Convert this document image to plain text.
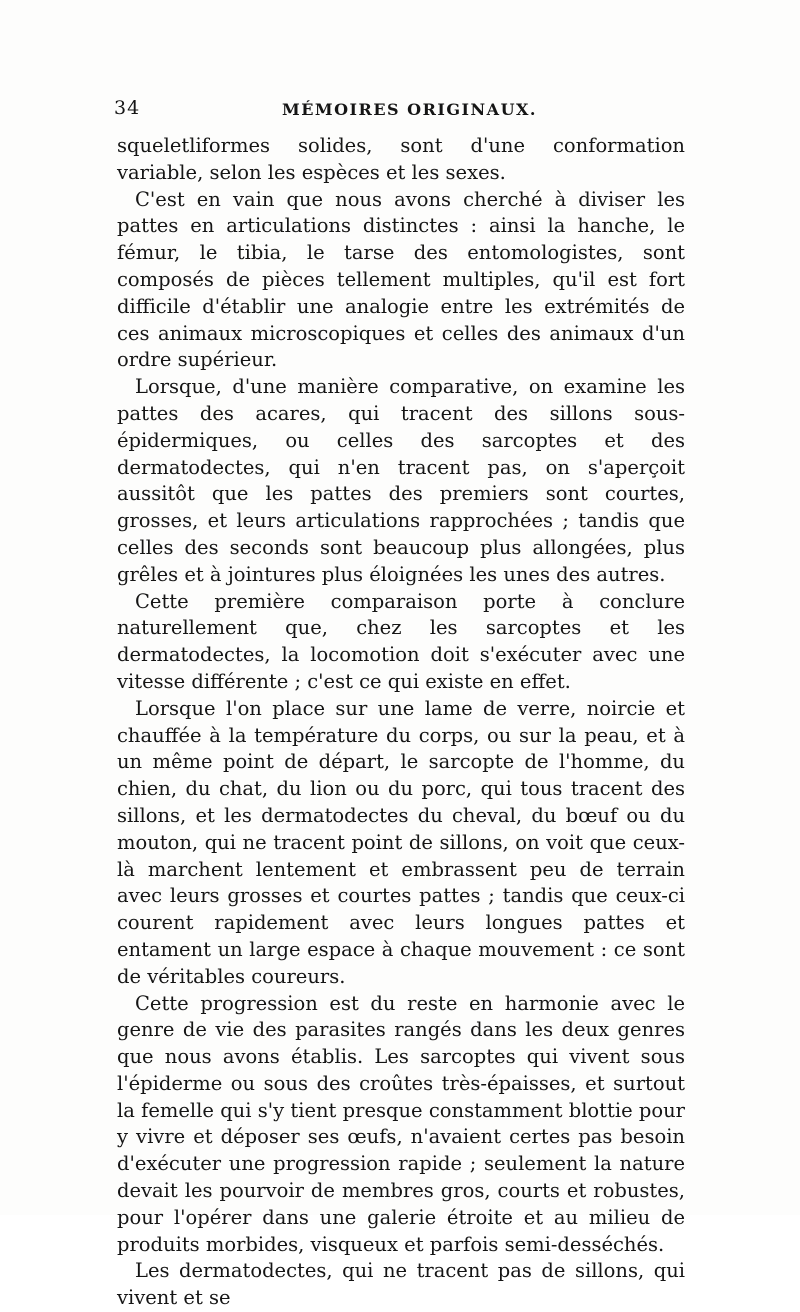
34	MÉMOIRES ORIGINAUX.

squeletliformes solides, sont d'une conformation variable, selon les espèces et les sexes.

C'est en vain que nous avons cherché à diviser les pattes en articulations distinctes : ainsi la hanche, le fémur, le tibia, le tarse des entomologistes, sont composés de pièces tellement multiples, qu'il est fort difficile d'établir une analogie entre les extrémités de ces animaux microscopiques et celles des animaux d'un ordre supérieur.

Lorsque, d'une manière comparative, on examine les pattes des acares, qui tracent des sillons sous-épidermiques, ou celles des sarcoptes et des dermatodectes, qui n'en tracent pas, on s'aperçoit aussitôt que les pattes des premiers sont courtes, grosses, et leurs articulations rapprochées ; tandis que celles des seconds sont beaucoup plus allongées, plus grêles et à jointures plus éloignées les unes des autres.

Cette première comparaison porte à conclure naturellement que, chez les sarcoptes et les dermatodectes, la locomotion doit s'exécuter avec une vitesse différente ; c'est ce qui existe en effet.

Lorsque l'on place sur une lame de verre, noircie et chauffée à la température du corps, ou sur la peau, et à un même point de départ, le sarcopte de l'homme, du chien, du chat, du lion ou du porc, qui tous tracent des sillons, et les dermatodectes du cheval, du bœuf ou du mouton, qui ne tracent point de sillons, on voit que ceux-là marchent lentement et embrassent peu de terrain avec leurs grosses et courtes pattes ; tandis que ceux-ci courent rapidement avec leurs longues pattes et entament un large espace à chaque mouvement : ce sont de véritables coureurs.

Cette progression est du reste en harmonie avec le genre de vie des parasites rangés dans les deux genres que nous avons établis. Les sarcoptes qui vivent sous l'épiderme ou sous des croûtes très-épaisses, et surtout la femelle qui s'y tient presque constamment blottie pour y vivre et déposer ses œufs, n'avaient certes pas besoin d'exécuter une progression rapide ; seulement la nature devait les pourvoir de membres gros, courts et robustes, pour l'opérer dans une galerie étroite et au milieu de produits morbides, visqueux et parfois semi-desséchés.

Les dermatodectes, qui ne tracent pas de sillons, qui vivent et se
